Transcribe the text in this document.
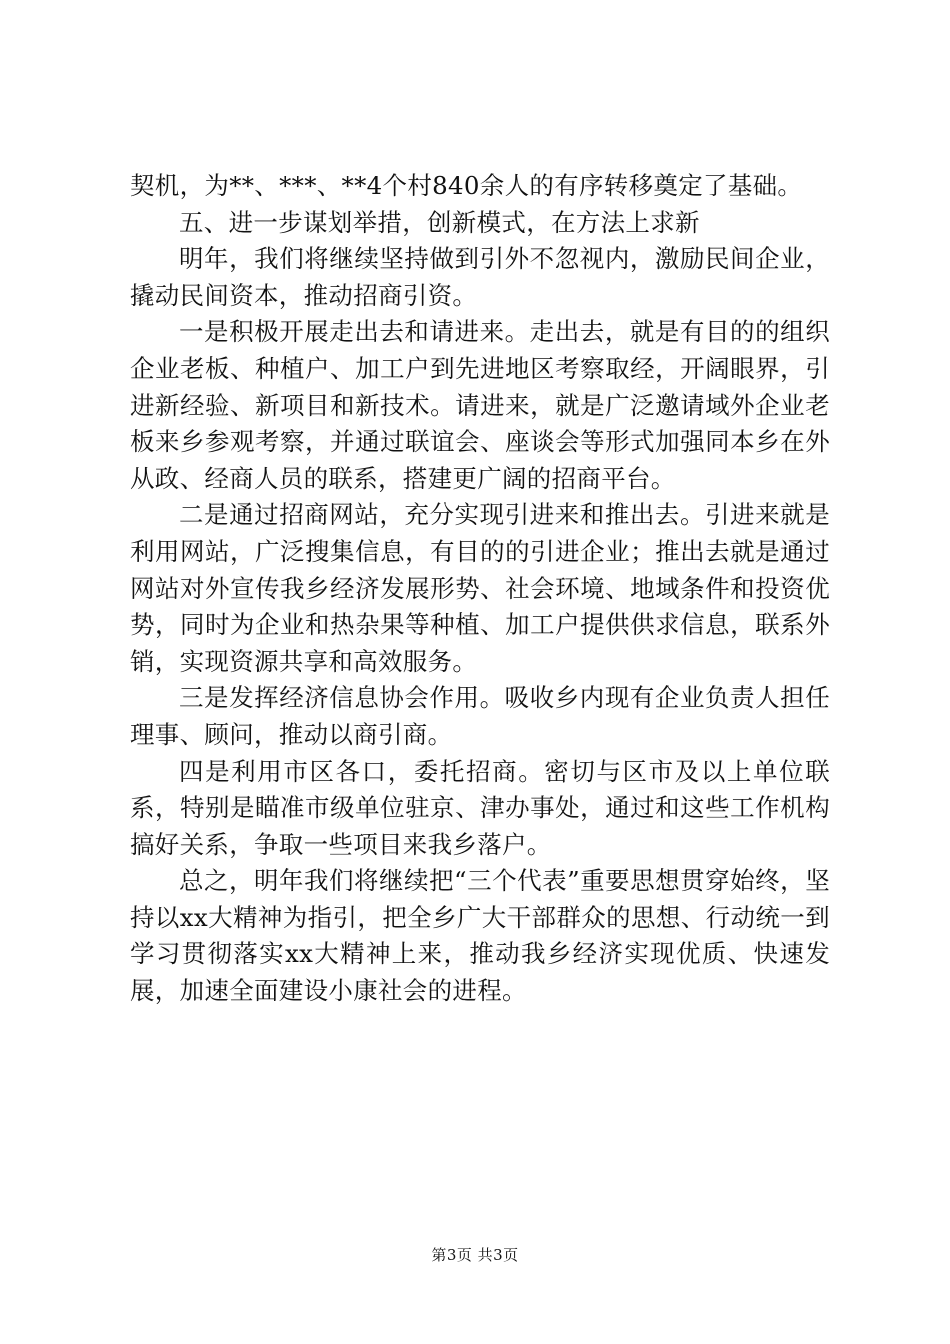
契机，为**、***、**4个村840余人的有序转移奠定了基础。

五、进一步谋划举措，创新模式，在方法上求新

明年，我们将继续坚持做到引外不忽视内，激励民间企业，撬动民间资本，推动招商引资。

一是积极开展走出去和请进来。走出去，就是有目的的组织企业老板、种植户、加工户到先进地区考察取经，开阔眼界，引进新经验、新项目和新技术。请进来，就是广泛邀请域外企业老板来乡参观考察，并通过联谊会、座谈会等形式加强同本乡在外从政、经商人员的联系，搭建更广阔的招商平台。

二是通过招商网站，充分实现引进来和推出去。引进来就是利用网站，广泛搜集信息，有目的的引进企业；推出去就是通过网站对外宣传我乡经济发展形势、社会环境、地域条件和投资优势，同时为企业和热杂果等种植、加工户提供供求信息，联系外销，实现资源共享和高效服务。

三是发挥经济信息协会作用。吸收乡内现有企业负责人担任理事、顾问，推动以商引商。

四是利用市区各口，委托招商。密切与区市及以上单位联系，特别是瞄准市级单位驻京、津办事处，通过和这些工作机构搞好关系，争取一些项目来我乡落户。

总之，明年我们将继续把“三个代表”重要思想贯穿始终，坚持以xx大精神为指引，把全乡广大干部群众的思想、行动统一到学习贯彻落实xx大精神上来，推动我乡经济实现优质、快速发展，加速全面建设小康社会的进程。

第3页 共3页
